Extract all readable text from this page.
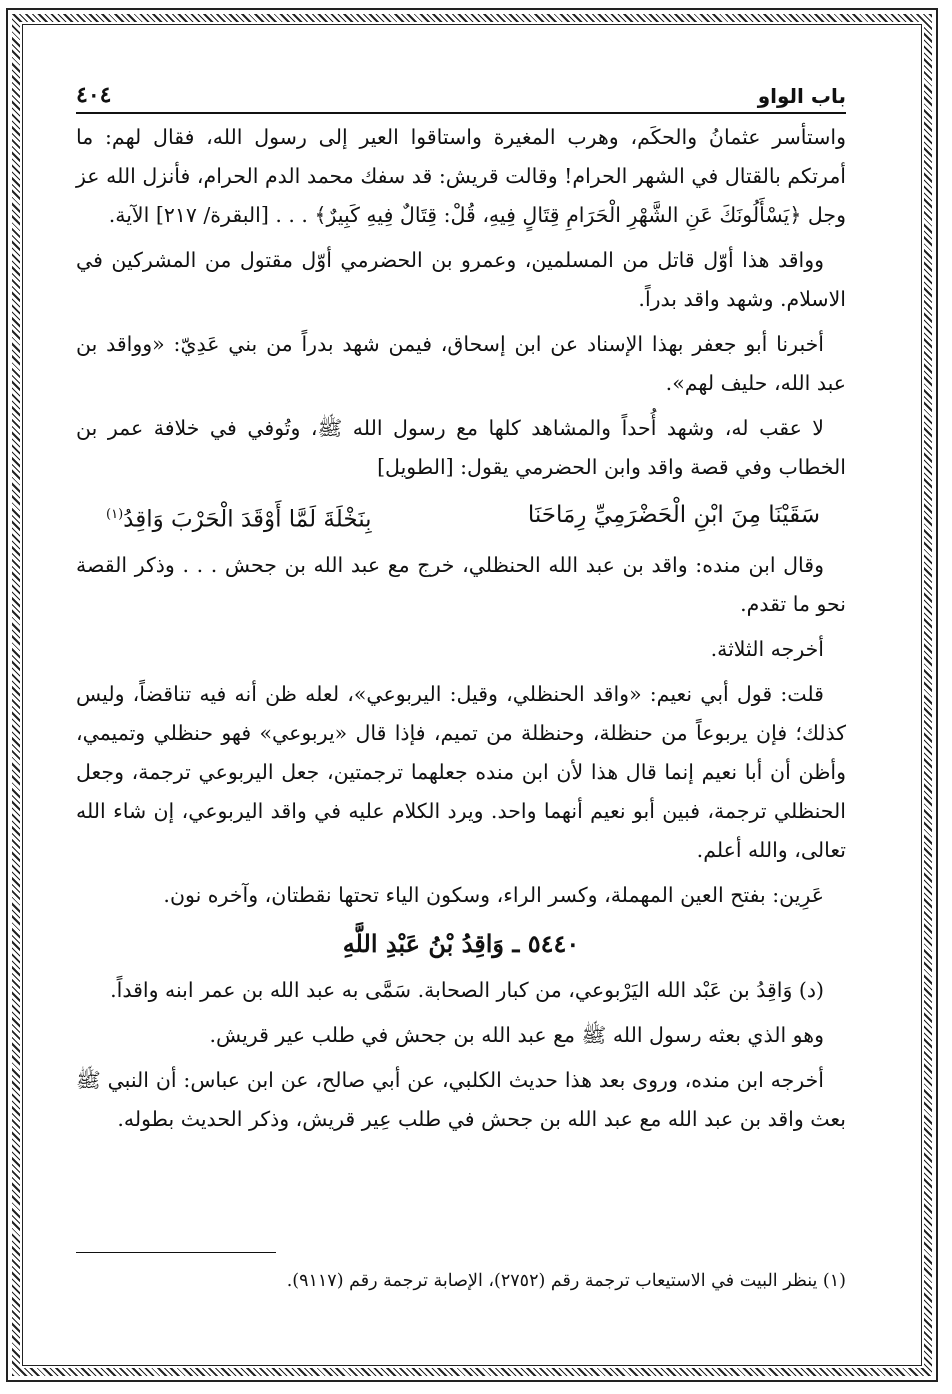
باب الواو
٤٠٤

واستأسر عثمانُ والحكَم، وهرب المغيرة واستاقوا العير إلى رسول الله، فقال لهم: ما أمرتكم بالقتال في الشهر الحرام! وقالت قريش: قد سفك محمد الدم الحرام، فأنزل الله عز وجل ﴿يَسْأَلُونَكَ عَنِ الشَّهْرِ الْحَرَامِ قِتَالٍ فِيهِ، قُلْ: قِتَالٌ فِيهِ كَبِيرٌ﴾ . . . [البقرة/ ٢١٧] الآية.

وواقد هذا أوّل قاتل من المسلمين، وعمرو بن الحضرمي أوّل مقتول من المشركين في الاسلام. وشهد واقد بدراً.

أخبرنا أبو جعفر بهذا الإسناد عن ابن إسحاق، فيمن شهد بدراً من بني عَدِيّ: «وواقد بن عبد الله، حليف لهم».

لا عقب له، وشهد أُحداً والمشاهد كلها مع رسول الله ﷺ، وتُوفي في خلافة عمر بن الخطاب وفي قصة واقد وابن الحضرمي يقول: [الطويل]

سَقَيْنَا مِنَ ابْنِ الْحَضْرَمِيِّ رِمَاحَنَا
بِنَخْلَةَ لَمَّا أَوْقَدَ الْحَرْبَ وَاقِدُ$^{(١)}$

وقال ابن منده: واقد بن عبد الله الحنظلي، خرج مع عبد الله بن جحش . . . وذكر القصة نحو ما تقدم.

أخرجه الثلاثة.

قلت: قول أبي نعيم: «واقد الحنظلي، وقيل: اليربوعي»، لعله ظن أنه فيه تناقضاً، وليس كذلك؛ فإن يربوعاً من حنظلة، وحنظلة من تميم، فإذا قال «يربوعي» فهو حنظلي وتميمي، وأظن أن أبا نعيم إنما قال هذا لأن ابن منده جعلهما ترجمتين، جعل اليربوعي ترجمة، وجعل الحنظلي ترجمة، فبين أبو نعيم أنهما واحد. ويرد الكلام عليه في واقد اليربوعي، إن شاء الله تعالى، والله أعلم.

عَرِين: بفتح العين المهملة، وكسر الراء، وسكون الياء تحتها نقطتان، وآخره نون.

٥٤٤٠ ـ وَاقِدُ بْنُ عَبْدِ اللَّهِ

(د) وَاقِدُ بن عَبْد الله اليَرْبوعي، من كبار الصحابة. سَمَّى به عبد الله بن عمر ابنه واقداً.

وهو الذي بعثه رسول الله ﷺ مع عبد الله بن جحش في طلب عير قريش.

أخرجه ابن منده، وروى بعد هذا حديث الكلبي، عن أبي صالح، عن ابن عباس: أن النبي ﷺ بعث واقد بن عبد الله مع عبد الله بن جحش في طلب عِير قريش، وذكر الحديث بطوله.

(١) ينظر البيت في الاستيعاب ترجمة رقم (٢٧٥٢)، الإصابة ترجمة رقم (٩١١٧).
